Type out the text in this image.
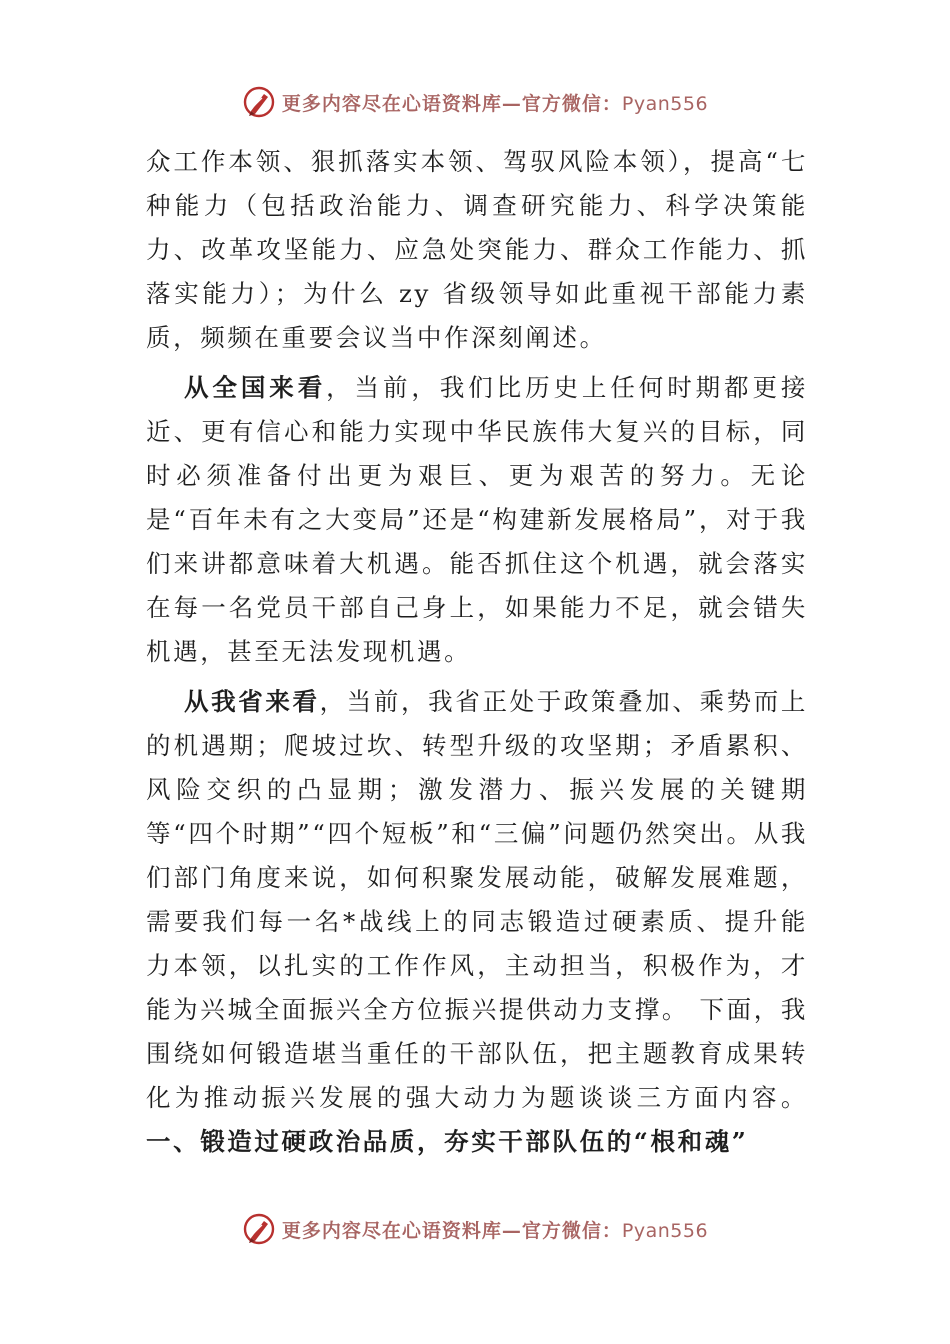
更多内容尽在心语资料库—官方微信：Pyan556

众工作本领、狠抓落实本领、驾驭风险本领），提高“七种能力（包括政治能力、调查研究能力、科学决策能力、改革攻坚能力、应急处突能力、群众工作能力、抓落实能力）；为什么 zy 省级领导如此重视干部能力素质，频频在重要会议当中作深刻阐述。

从全国来看，当前，我们比历史上任何时期都更接近、更有信心和能力实现中华民族伟大复兴的目标，同时必须准备付出更为艰巨、更为艰苦的努力。无论是“百年未有之大变局”还是“构建新发展格局”，对于我们来讲都意味着大机遇。能否抓住这个机遇，就会落实在每一名党员干部自己身上，如果能力不足，就会错失机遇，甚至无法发现机遇。

从我省来看，当前，我省正处于政策叠加、乘势而上的机遇期；爬坡过坎、转型升级的攻坚期；矛盾累积、风险交织的凸显期；激发潜力、振兴发展的关键期等“四个时期”“四个短板”和“三偏”问题仍然突出。从我们部门角度来说，如何积聚发展动能，破解发展难题，需要我们每一名*战线上的同志锻造过硬素质、提升能力本领，以扎实的工作作风，主动担当，积极作为，才能为兴城全面振兴全方位振兴提供动力支撑。 下面，我围绕如何锻造堪当重任的干部队伍，把主题教育成果转化为推动振兴发展的强大动力为题谈谈三方面内容。一、锻造过硬政治品质，夯实干部队伍的“根和魂”

更多内容尽在心语资料库—官方微信：Pyan556
